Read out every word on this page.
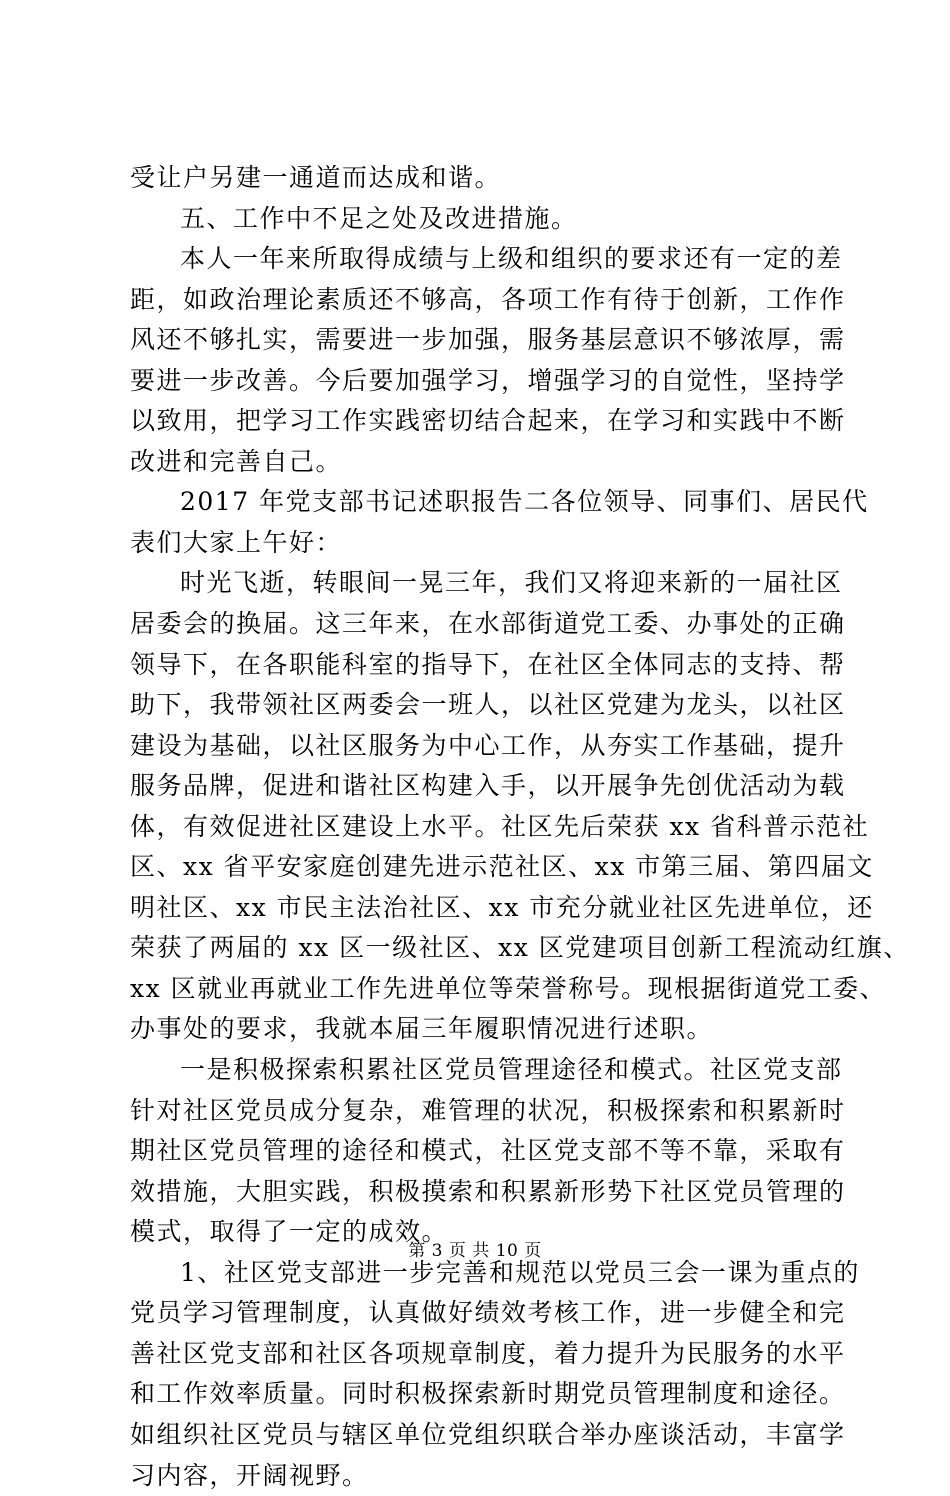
受让户另建一通道而达成和谐。
五、工作中不足之处及改进措施。
本人一年来所取得成绩与上级和组织的要求还有一定的差
距，如政治理论素质还不够高，各项工作有待于创新，工作作
风还不够扎实，需要进一步加强，服务基层意识不够浓厚，需
要进一步改善。今后要加强学习，增强学习的自觉性，坚持学
以致用，把学习工作实践密切结合起来，在学习和实践中不断
改进和完善自己。
2017 年党支部书记述职报告二各位领导、同事们、居民代
表们大家上午好：
时光飞逝，转眼间一晃三年，我们又将迎来新的一届社区
居委会的换届。这三年来，在水部街道党工委、办事处的正确
领导下，在各职能科室的指导下，在社区全体同志的支持、帮
助下，我带领社区两委会一班人，以社区党建为龙头，以社区
建设为基础，以社区服务为中心工作，从夯实工作基础，提升
服务品牌，促进和谐社区构建入手，以开展争先创优活动为载
体，有效促进社区建设上水平。社区先后荣获 xx 省科普示范社
区、xx 省平安家庭创建先进示范社区、xx 市第三届、第四届文
明社区、xx 市民主法治社区、xx 市充分就业社区先进单位，还
荣获了两届的 xx 区一级社区、xx 区党建项目创新工程流动红旗、
xx 区就业再就业工作先进单位等荣誉称号。现根据街道党工委、
办事处的要求，我就本届三年履职情况进行述职。
一是积极探索积累社区党员管理途径和模式。社区党支部
针对社区党员成分复杂，难管理的状况，积极探索和积累新时
期社区党员管理的途径和模式，社区党支部不等不靠，采取有
效措施，大胆实践，积极摸索和积累新形势下社区党员管理的
模式，取得了一定的成效。
1、社区党支部进一步完善和规范以党员三会一课为重点的
党员学习管理制度，认真做好绩效考核工作，进一步健全和完
善社区党支部和社区各项规章制度，着力提升为民服务的水平
和工作效率质量。同时积极探索新时期党员管理制度和途径。
如组织社区党员与辖区单位党组织联合举办座谈活动，丰富学
习内容，开阔视野。
第 3 页 共 10 页
